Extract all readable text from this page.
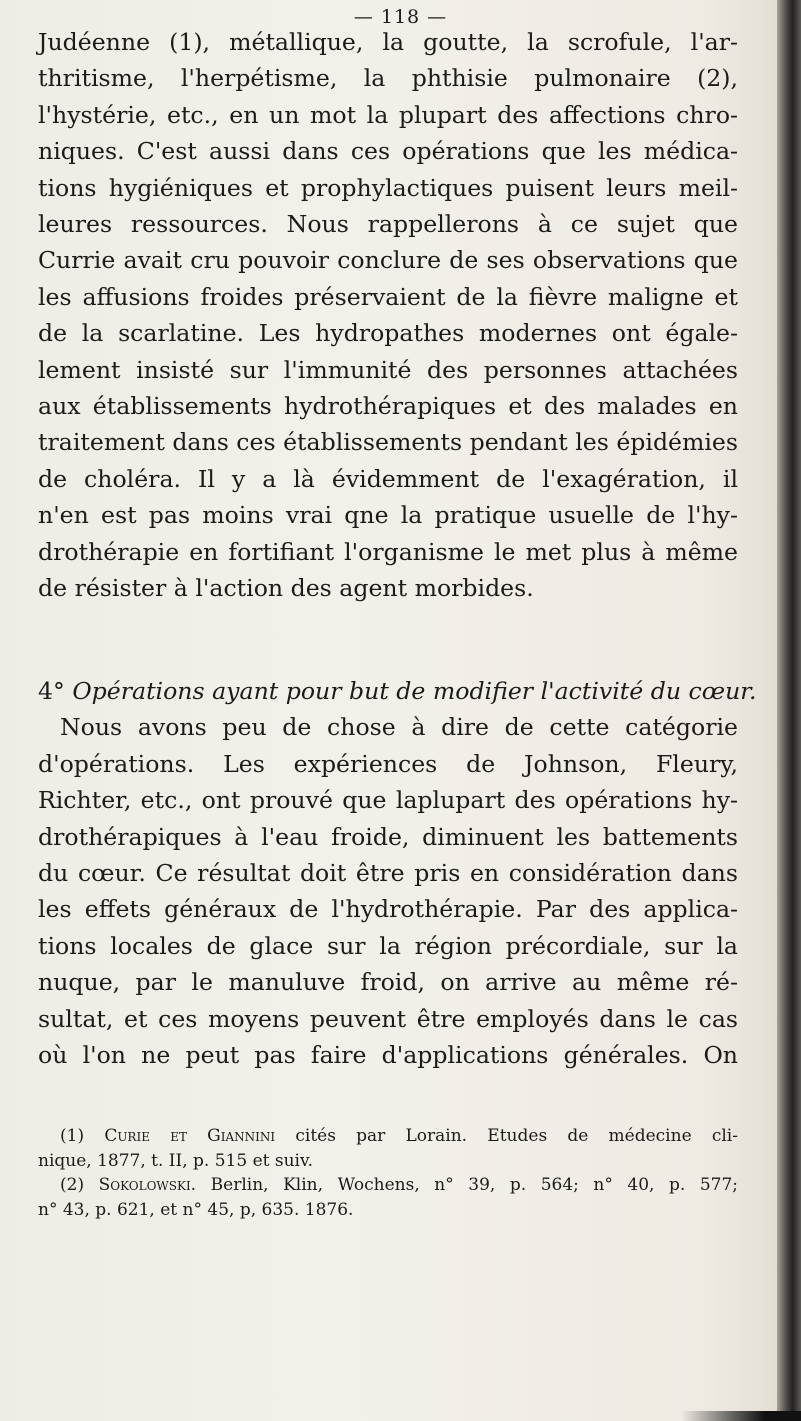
— 118 —
Judéenne (1), métallique, la goutte, la scrofule, l'ar-
thritisme, l'herpétisme, la phthisie pulmonaire (2),
l'hystérie, etc., en un mot la plupart des affections chro-
niques. C'est aussi dans ces opérations que les médica-
tions hygiéniques et prophylactiques puisent leurs meil-
leures ressources. Nous rappellerons à ce sujet que
Currie avait cru pouvoir conclure de ses observations que
les affusions froides préservaient de la fièvre maligne et
de la scarlatine. Les hydropathes modernes ont égale-
lement insisté sur l'immunité des personnes attachées
aux établissements hydrothérapiques et des malades en
traitement dans ces établissements pendant les épidémies
de choléra. Il y a là évidemment de l'exagération, il
n'en est pas moins vrai qne la pratique usuelle de l'hy-
drothérapie en fortifiant l'organisme le met plus à même
de résister à l'action des agent morbides.
4° Opérations ayant pour but de modifier l'activité du cœur.
Nous avons peu de chose à dire de cette catégorie
d'opérations. Les expériences de Johnson, Fleury,
Richter, etc., ont prouvé que laplupart des opérations hy-
drothérapiques à l'eau froide, diminuent les battements
du cœur. Ce résultat doit être pris en considération dans
les effets généraux de l'hydrothérapie. Par des applica-
tions locales de glace sur la région précordiale, sur la
nuque, par le manuluve froid, on arrive au même ré-
sultat, et ces moyens peuvent être employés dans le cas
où l'on ne peut pas faire d'applications générales. On
(1) Curie et Giannini cités par Lorain. Etudes de médecine cli-
nique, 1877, t. II, p. 515 et suiv.
(2) Sokolowski. Berlin, Klin, Wochens, n° 39, p. 564; n° 40, p. 577;
n° 43, p. 621, et n° 45, p, 635. 1876.
